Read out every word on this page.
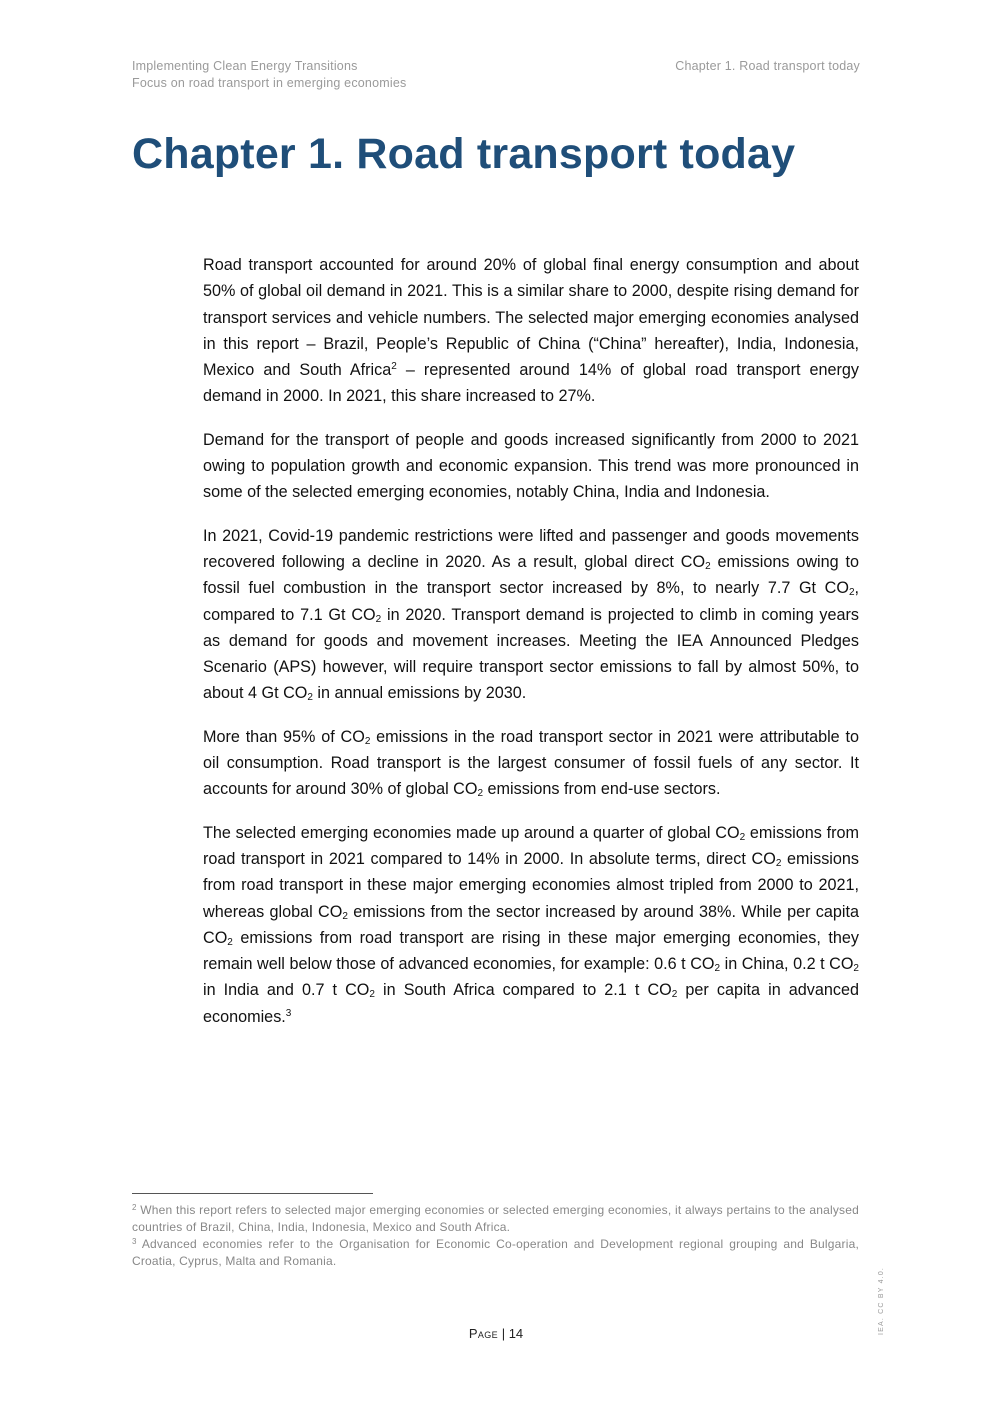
Implementing Clean Energy Transitions
Focus on road transport in emerging economies
Chapter 1. Road transport today
Chapter 1. Road transport today

Road transport accounted for around 20% of global final energy consumption and about 50% of global oil demand in 2021. This is a similar share to 2000, despite rising demand for transport services and vehicle numbers. The selected major emerging economies analysed in this report – Brazil, People’s Republic of China (“China” hereafter), India, Indonesia, Mexico and South Africa$^2$ – represented around 14% of global road transport energy demand in 2000. In 2021, this share increased to 27%.

Demand for the transport of people and goods increased significantly from 2000 to 2021 owing to population growth and economic expansion. This trend was more pronounced in some of the selected emerging economies, notably China, India and Indonesia.

In 2021, Covid-19 pandemic restrictions were lifted and passenger and goods movements recovered following a decline in 2020. As a result, global direct $CO_2$ emissions owing to fossil fuel combustion in the transport sector increased by 8%, to nearly 7.7 Gt $CO_2$, compared to 7.1 Gt $CO_2$ in 2020. Transport demand is projected to climb in coming years as demand for goods and movement increases. Meeting the IEA Announced Pledges Scenario (APS) however, will require transport sector emissions to fall by almost 50%, to about 4 Gt $CO_2$ in annual emissions by 2030.

More than 95% of $CO_2$ emissions in the road transport sector in 2021 were attributable to oil consumption. Road transport is the largest consumer of fossil fuels of any sector. It accounts for around 30% of global $CO_2$ emissions from end-use sectors.

The selected emerging economies made up around a quarter of global $CO_2$ emissions from road transport in 2021 compared to 14% in 2000. In absolute terms, direct $CO_2$ emissions from road transport in these major emerging economies almost tripled from 2000 to 2021, whereas global $CO_2$ emissions from the sector increased by around 38%. While per capita $CO_2$ emissions from road transport are rising in these major emerging economies, they remain well below those of advanced economies, for example: 0.6 t $CO_2$ in China, 0.2 t $CO_2$ in India and 0.7 t $CO_2$ in South Africa compared to 2.1 t $CO_2$ per capita in advanced economies.$^3$

$^2$ When this report refers to selected major emerging economies or selected emerging economies, it always pertains to the analysed countries of Brazil, China, India, Indonesia, Mexico and South Africa.

$^3$ Advanced economies refer to the Organisation for Economic Co-operation and Development regional grouping and Bulgaria, Croatia, Cyprus, Malta and Romania.

Page | 14	IEA. CC BY 4.0.
